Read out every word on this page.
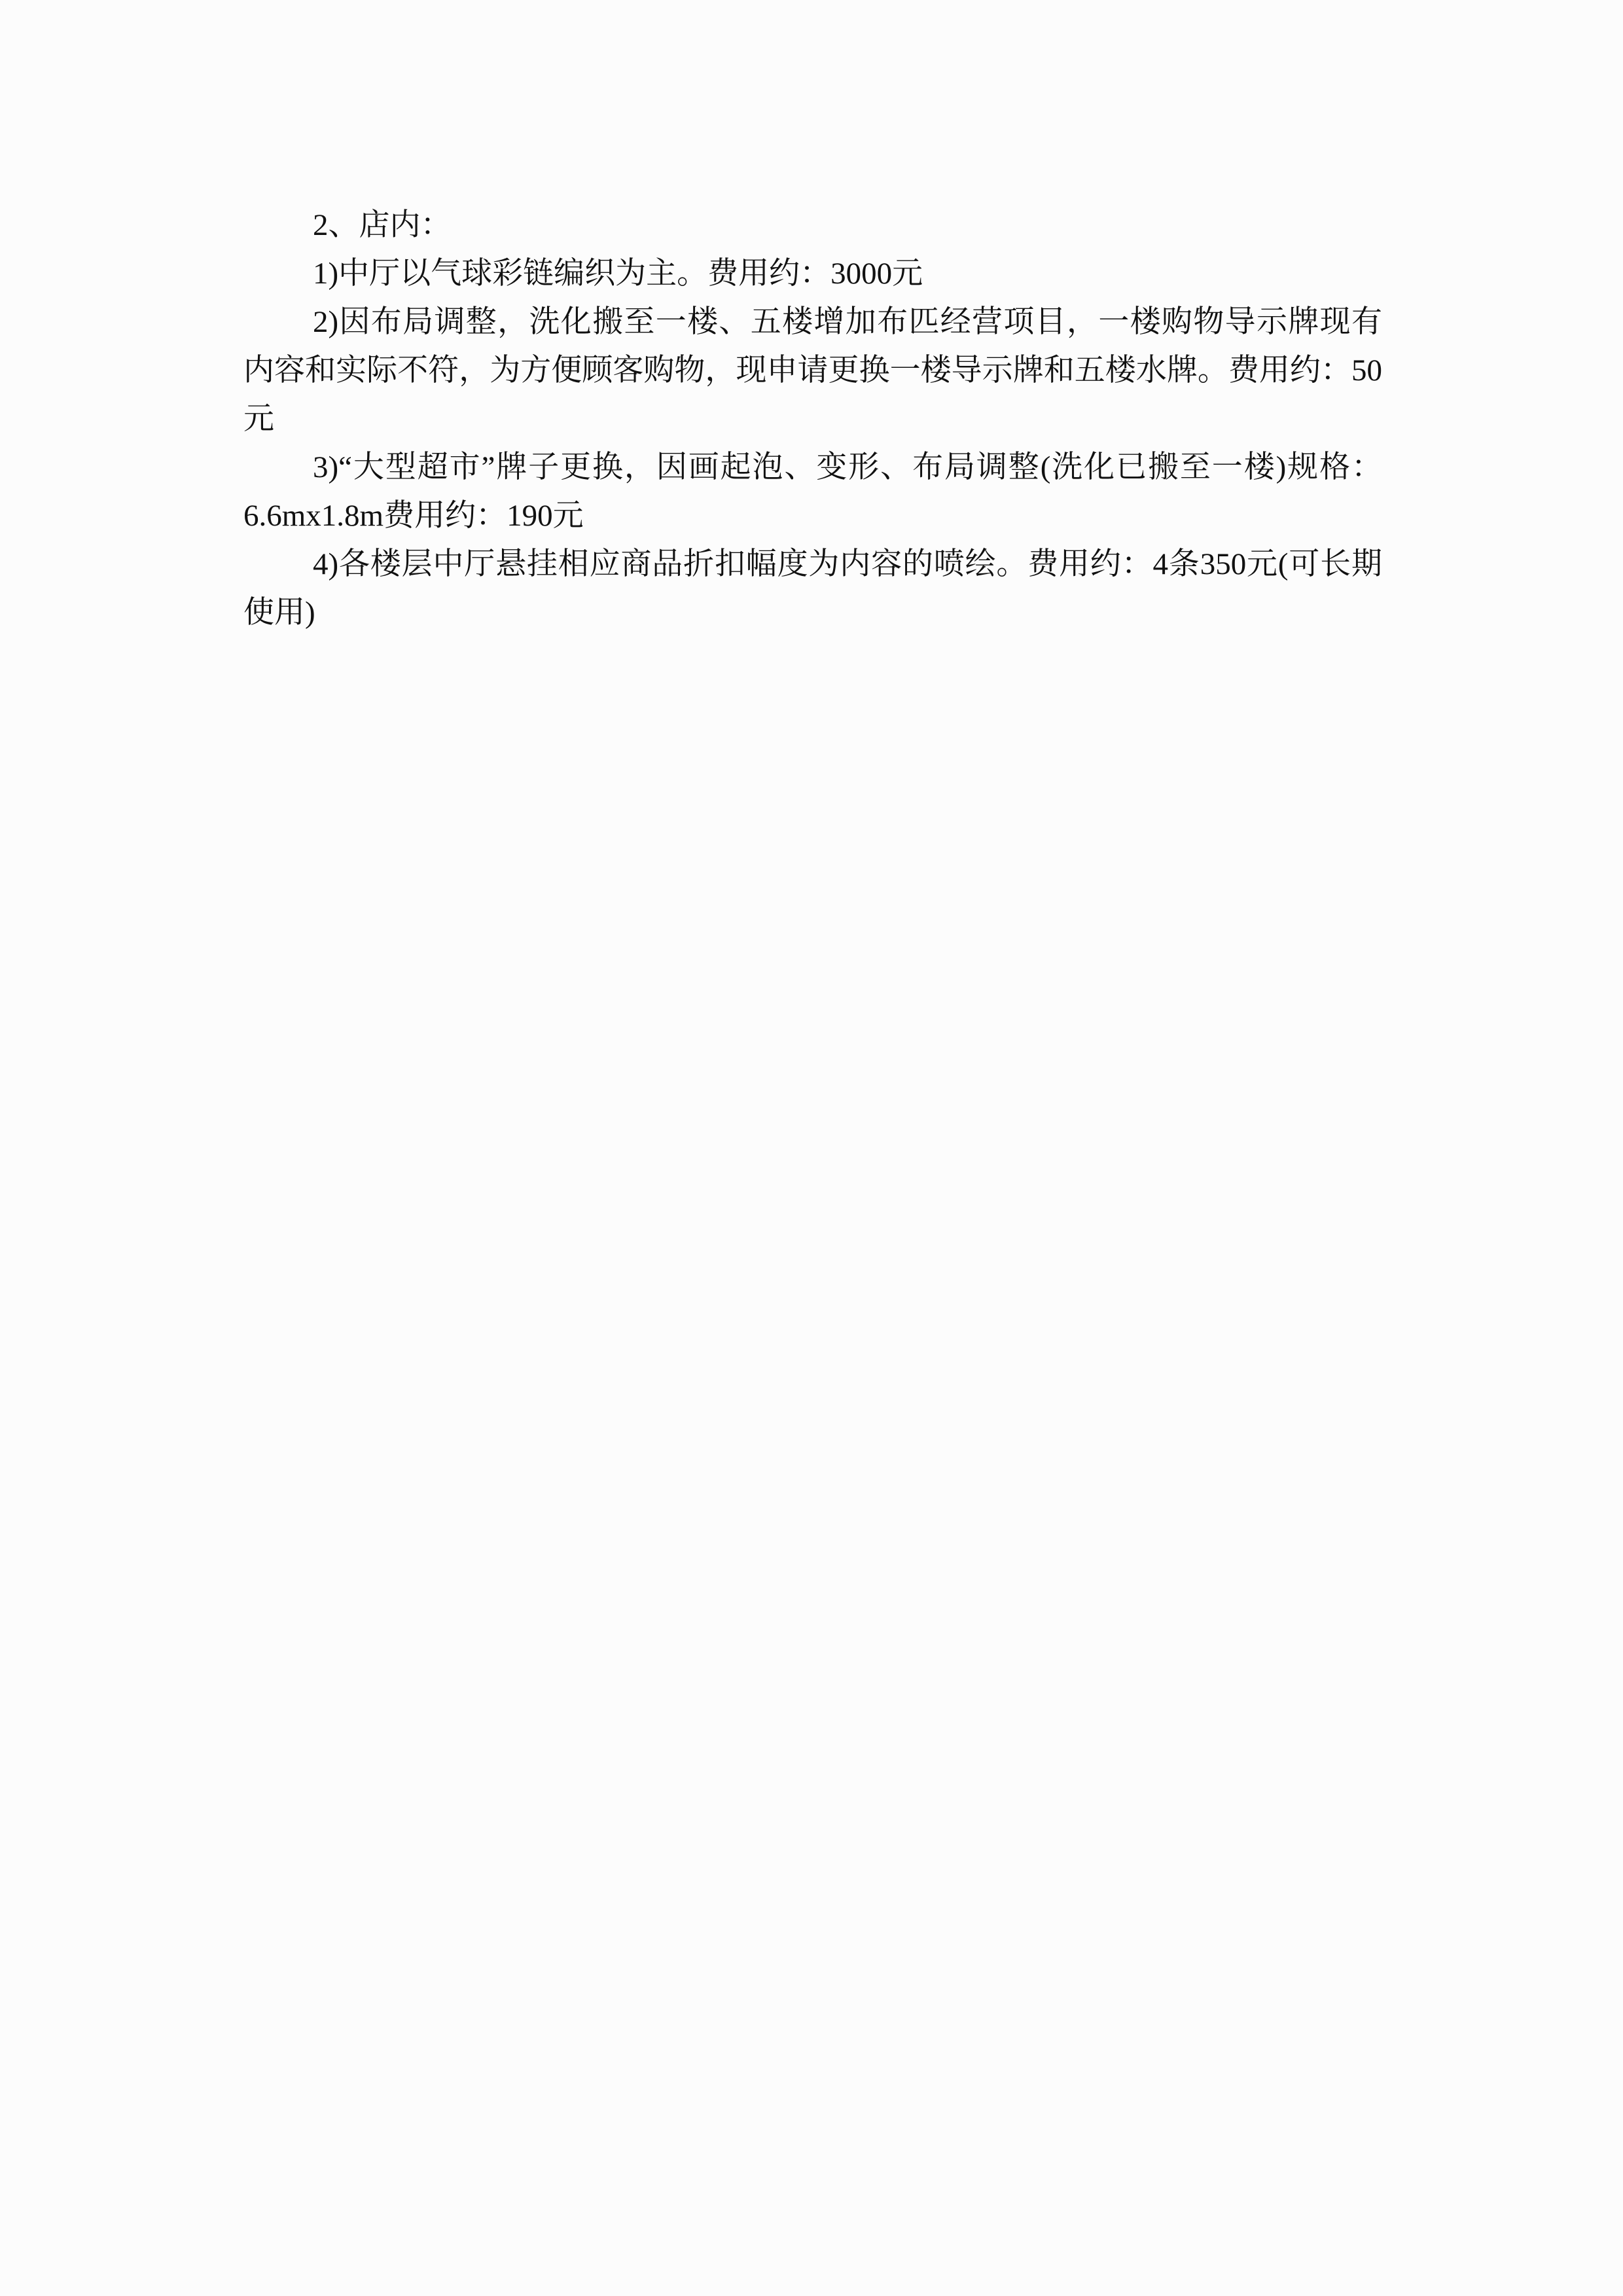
2、店内：

1)中厅以气球彩链编织为主。费用约：3000元

2)因布局调整，洗化搬至一楼、五楼增加布匹经营项目，一楼购物导示牌现有内容和实际不符，为方便顾客购物，现申请更换一楼导示牌和五楼水牌。费用约：50元

3)“大型超市”牌子更换，因画起泡、变形、布局调整(洗化已搬至一楼)规格：6.6mx1.8m费用约：190元

4)各楼层中厅悬挂相应商品折扣幅度为内容的喷绘。费用约：4条350元(可长期使用)
